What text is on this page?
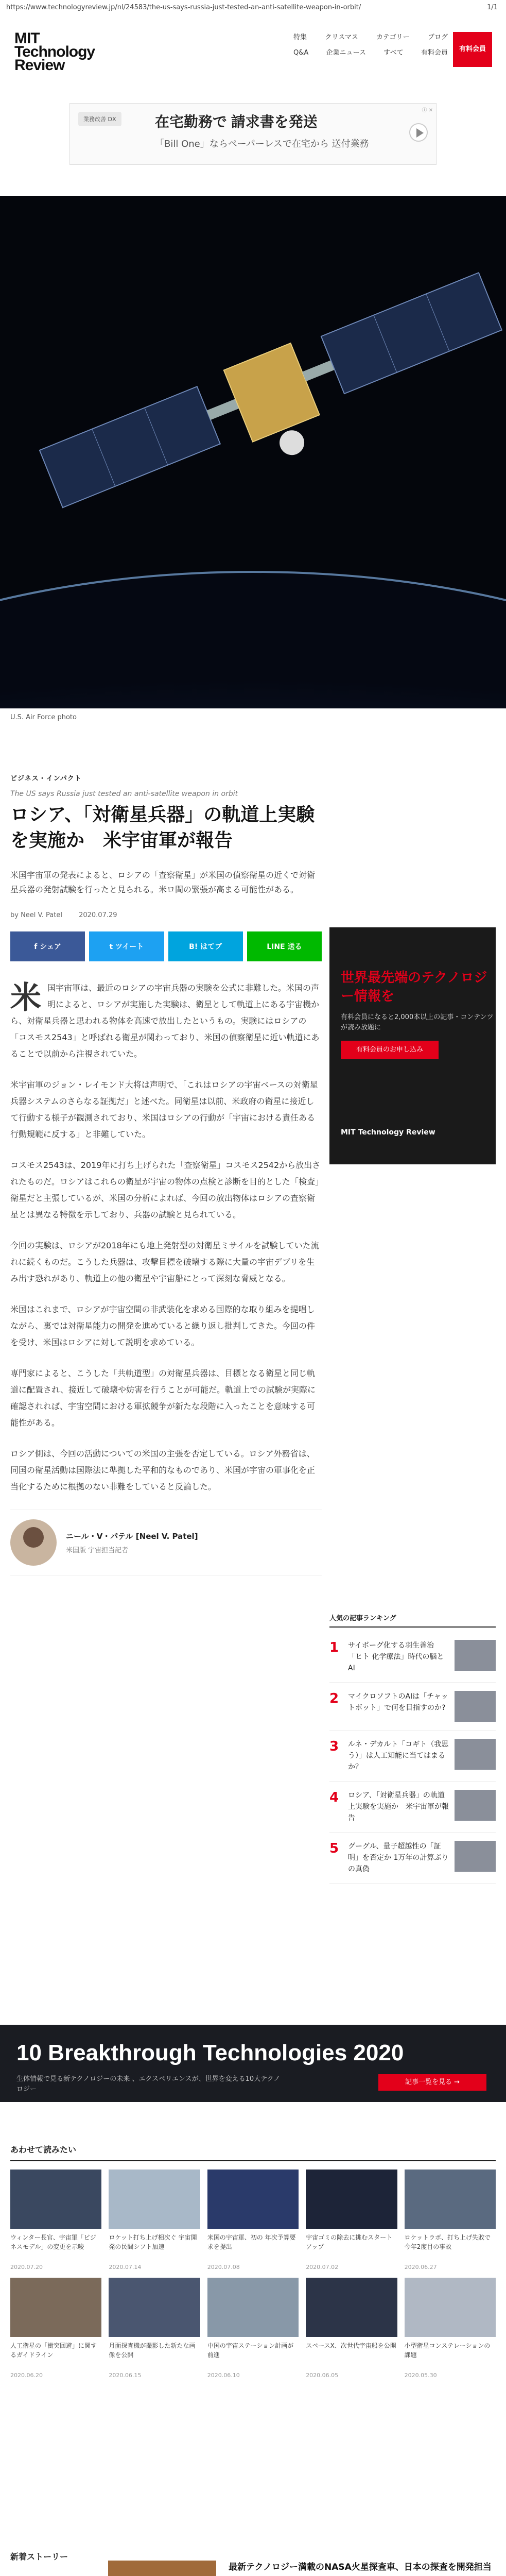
https://www.technologyreview.jp/nl/24583/the-us-says-russia-just-tested-an-anti-satellite-weapon-in-orbit/	1/1
MIT
Technology
Review
特集	クリスマス	カテゴリー	ブログ
Q&A	企業ニュース	すべて	有料会員	有料会員
業務改善 DX	在宅勤務で 請求書を発送
「Bill One」ならペーパーレスで在宅から 送付業務
ⓘ ✕
U.S. Air Force photo
ビジネス・インパクト
The US says Russia just tested an anti-satellite weapon in orbit
ロシア、「対衛星兵器」の軌道上実験を実施か　米宇宙軍が報告
米国宇宙軍の発表によると、ロシアの「查察衛星」が米国の偵察衛星の近くで対衛星兵器の発射試験を行ったと見られる。米ロ間の緊張が高まる可能性がある。
by Neel V. Patel 2020.07.29
f シェア	t ツイート	B! はてブ	LINE 送る

米国宇宙軍は、最近のロシアの宇宙兵器の実験を公式に非難した。米国の声明によると、ロシアが実施した実験は、衛星として軌道上にある宇宙機から、対衛星兵器と思われる物体を高速で放出したというもの。実験にはロシアの「コスモス2543」と呼ばれる衛星が関わっており、米国の偵察衛星に近い軌道にあることで以前から注視されていた。

米宇宙軍のジョン・レイモンド大将は声明で、「これはロシアの宇宙ベースの対衛星兵器システムのさらなる証拠だ」と述べた。同衛星は以前、米政府の衛星に接近して行動する様子が観測されており、米国はロシアの行動が「宇宙における責任ある行動規範に反する」と非難していた。

コスモス2543は、2019年に打ち上げられた「查察衛星」コスモス2542から放出されたものだ。ロシアはこれらの衛星が宇宙の物体の点検と診断を目的とした「検査」衛星だと主張しているが、米国の分析によれば、今回の放出物体はロシアの査察衛星とは異なる特徴を示しており、兵器の試験と見られている。

今回の実験は、ロシアが2018年にも地上発射型の対衛星ミサイルを試験していた流れに続くものだ。こうした兵器は、攻撃目標を破壊する際に大量の宇宙デブリを生み出す恐れがあり、軌道上の他の衛星や宇宙船にとって深刻な脅威となる。

米国はこれまで、ロシアが宇宙空間の非武装化を求める国際的な取り組みを提唱しながら、裏では対衛星能力の開発を進めていると繰り返し批判してきた。今回の件を受け、米国はロシアに対して説明を求めている。

専門家によると、こうした「共軌道型」の対衛星兵器は、目標となる衛星と同じ軌道に配置され、接近して破壊や妨害を行うことが可能だ。軌道上での試験が実際に確認されれば、宇宙空間における軍拡競争が新たな段階に入ったことを意味する可能性がある。

ロシア側は、今回の活動についての米国の主張を否定している。ロシア外務省は、同国の衛星活動は国際法に準拠した平和的なものであり、米国が宇宙の軍事化を正当化するために根拠のない非難をしていると反論した。

ニール・V・パテル [Neel V. Patel]
米国版 宇宙担当記者
世界最先端のテクノロジー情報を
有料会員になると2,000本以上の記事・コンテンツが読み放題に
有料会員のお申し込み
MIT Technology Review
人気の記事ランキング
1	サイボーグ化する羽生善治 「ヒト 化学療法」時代の脳とAI
2	マイクロソフトのAIは「チャットボット」で何を目指すのか?
3	ルネ・デカルト「コギト（我思う）」は人工知能に当てはまるか？
4	ロシア、「対衛星兵器」の軌道上実験を実施か　米宇宙軍が報告
5	グーグル、量子超越性の「証明」を否定か 1万年の計算ぶりの真偽
10 Breakthrough Technologies 2020
生体情報で見る新テクノロジーの未来 、エクスペリエンスが、世界を変える10大テクノロジー
記事一覧を見る →
あわせて読みたい
ウィンター長官、宇宙軍「ビジネスモデル」の変更を示唆
2020.07.20
ロケット打ち上げ相次ぐ 宇宙開発の民間シフト加速
2020.07.14
米国の宇宙軍、初の 年次予算要求を提出
2020.07.08
宇宙ゴミの除去に挑むスタートアップ
2020.07.02
ロケットラボ、打ち上げ失敗で今年2度目の事故
2020.06.27
人工衛星の「衝突回避」に関するガイドライン
2020.06.20
月面探査機が撮影した新たな画像を公開
2020.06.15
中国の宇宙ステーション計画が前進
2020.06.10
スペースX、次世代宇宙船を公開
2020.06.05
小型衛星コンステレーションの課題
2020.05.30
新着ストーリー
最新テクノロジー満載のNASA火星探査車、日本の探査を開発担当
